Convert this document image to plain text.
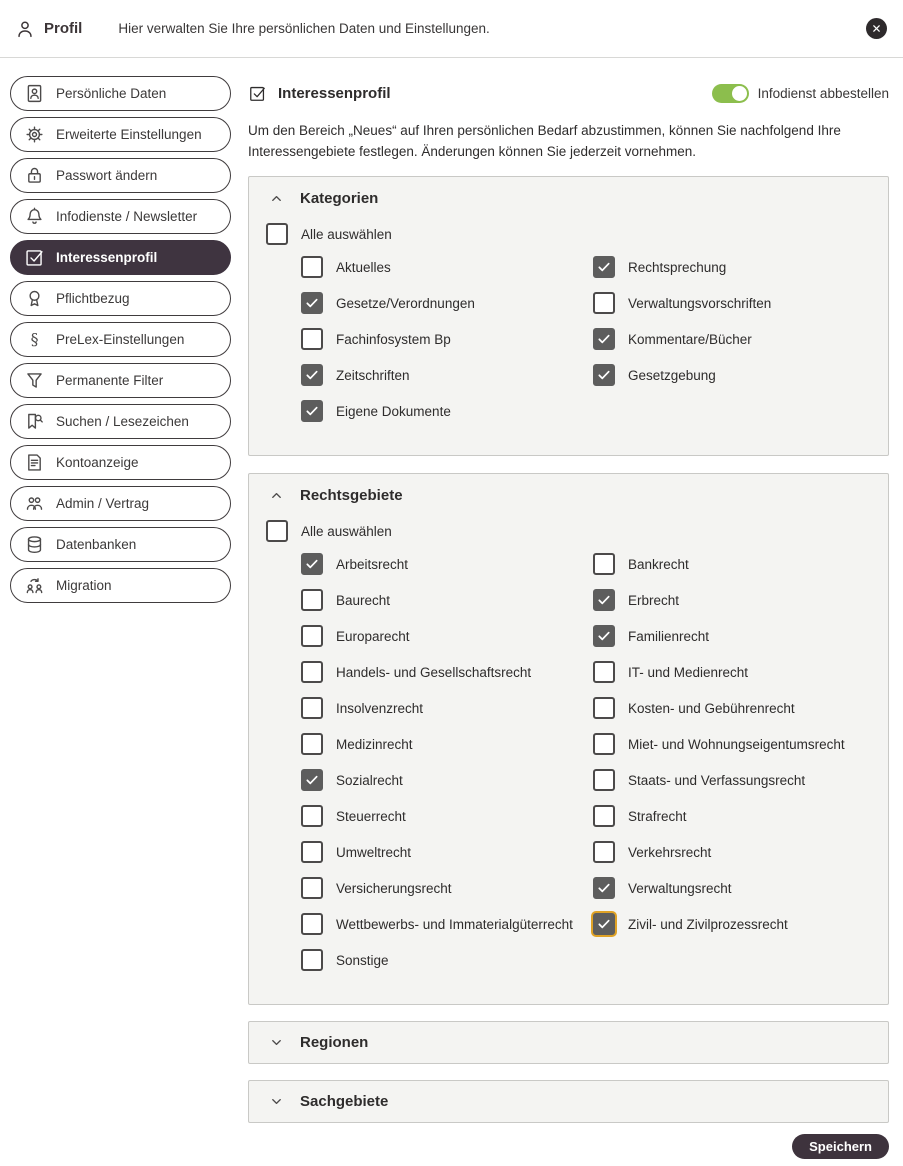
Profil	Hier verwalten Sie Ihre persönlichen Daten und Einstellungen.
Persönliche Daten
Erweiterte Einstellungen
Passwort ändern
Infodienste / Newsletter
Interessenprofil
Pflichtbezug
§ PreLex-Einstellungen
Permanente Filter
Suchen / Lesezeichen
Kontoanzeige
Admin / Vertrag
Datenbanken
Migration
Interessenprofil	Infodienst abbestellen

Um den Bereich „Neues“ auf Ihren persönlichen Bedarf abzustimmen, können Sie nachfolgend Ihre Interessengebiete festlegen. Änderungen können Sie jederzeit vornehmen.

Kategorien
Alle auswählen
Aktuelles
Gesetze/Verordnungen
Fachinfosystem Bp
Zeitschriften
Eigene Dokumente
Rechtsprechung
Verwaltungsvorschriften
Kommentare/Bücher
Gesetzgebung
Rechtsgebiete
Alle auswählen
Arbeitsrecht
Baurecht
Europarecht
Handels- und Gesellschaftsrecht
Insolvenzrecht
Medizinrecht
Sozialrecht
Steuerrecht
Umweltrecht
Versicherungsrecht
Wettbewerbs- und Immaterialgüterrecht
Sonstige
Bankrecht
Erbrecht
Familienrecht
IT- und Medienrecht
Kosten- und Gebührenrecht
Miet- und Wohnungseigentumsrecht
Staats- und Verfassungsrecht
Strafrecht
Verkehrsrecht
Verwaltungsrecht
Zivil- und Zivilprozessrecht
Regionen
Sachgebiete
Speichern
